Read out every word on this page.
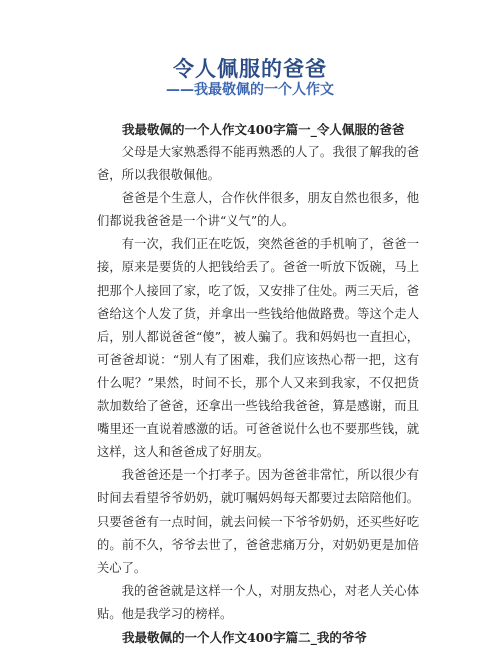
令人佩服的爸爸
——我最敬佩的一个人作文
我最敬佩的一个人作文400字篇一_令人佩服的爸爸

父母是大家熟悉得不能再熟悉的人了。我很了解我的爸爸，所以我很敬佩他。

爸爸是个生意人，合作伙伴很多，朋友自然也很多，他们都说我爸爸是一个讲“义气”的人。

有一次，我们正在吃饭，突然爸爸的手机响了，爸爸一接，原来是要货的人把钱给丢了。爸爸一听放下饭碗，马上把那个人接回了家，吃了饭，又安排了住处。两三天后，爸爸给这个人发了货，并拿出一些钱给他做路费。等这个走人后，别人都说爸爸“傻”，被人骗了。我和妈妈也一直担心，可爸爸却说：“别人有了困难，我们应该热心帮一把，这有什么呢？”果然，时间不长，那个人又来到我家，不仅把货款加数给了爸爸，还拿出一些钱给我爸爸，算是感谢，而且嘴里还一直说着感激的话。可爸爸说什么也不要那些钱，就这样，这人和爸爸成了好朋友。

我爸爸还是一个打孝子。因为爸爸非常忙，所以很少有时间去看望爷爷奶奶，就叮嘱妈妈每天都要过去陪陪他们。只要爸爸有一点时间，就去问候一下爷爷奶奶，还买些好吃的。前不久，爷爷去世了，爸爸悲痛万分，对奶奶更是加倍关心了。

我的爸爸就是这样一个人，对朋友热心，对老人关心体贴。他是我学习的榜样。

我最敬佩的一个人作文400字篇二_我的爷爷
